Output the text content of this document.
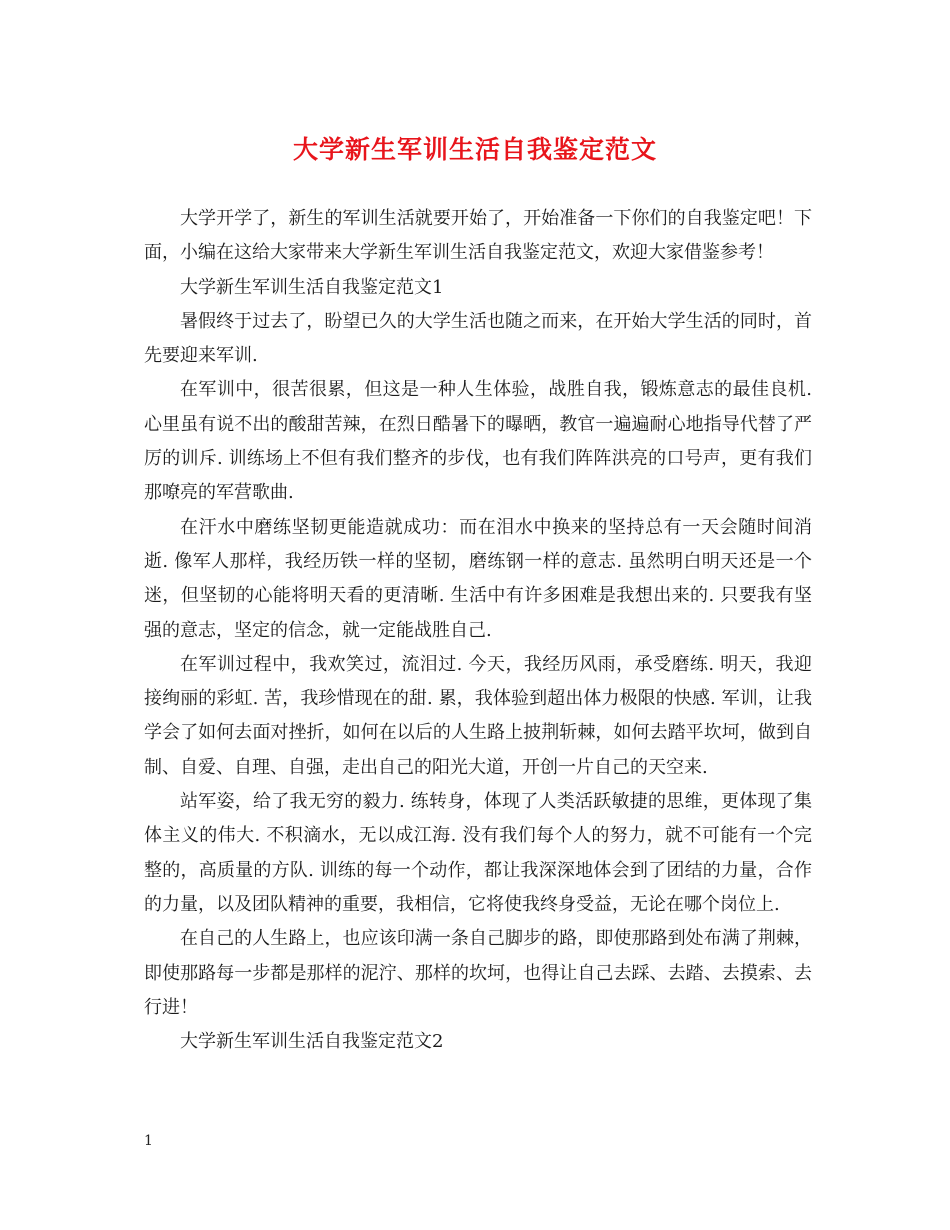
大学新生军训生活自我鉴定范文

大学开学了，新生的军训生活就要开始了，开始准备一下你们的自我鉴定吧！下面，小编在这给大家带来大学新生军训生活自我鉴定范文，欢迎大家借鉴参考！

大学新生军训生活自我鉴定范文1

暑假终于过去了，盼望已久的大学生活也随之而来，在开始大学生活的同时，首先要迎来军训.

在军训中，很苦很累，但这是一种人生体验，战胜自我，锻炼意志的最佳良机. 心里虽有说不出的酸甜苦辣，在烈日酷暑下的曝晒，教官一遍遍耐心地指导代替了严厉的训斥. 训练场上不但有我们整齐的步伐，也有我们阵阵洪亮的口号声，更有我们那嘹亮的军营歌曲.

在汗水中磨练坚韧更能造就成功：而在泪水中换来的坚持总有一天会随时间消逝. 像军人那样，我经历铁一样的坚韧，磨练钢一样的意志. 虽然明白明天还是一个迷，但坚韧的心能将明天看的更清晰. 生活中有许多困难是我想出来的. 只要我有坚强的意志，坚定的信念，就一定能战胜自己.

在军训过程中，我欢笑过，流泪过. 今天，我经历风雨，承受磨练. 明天，我迎接绚丽的彩虹. 苦，我珍惜现在的甜. 累，我体验到超出体力极限的快感. 军训，让我学会了如何去面对挫折，如何在以后的人生路上披荆斩棘，如何去踏平坎坷，做到自制、自爱、自理、自强，走出自己的阳光大道，开创一片自己的天空来.

站军姿，给了我无穷的毅力. 练转身，体现了人类活跃敏捷的思维，更体现了集体主义的伟大. 不积滴水，无以成江海. 没有我们每个人的努力，就不可能有一个完整的，高质量的方队. 训练的每一个动作，都让我深深地体会到了团结的力量，合作的力量，以及团队精神的重要，我相信，它将使我终身受益，无论在哪个岗位上.

在自己的人生路上，也应该印满一条自己脚步的路，即使那路到处布满了荆棘，即使那路每一步都是那样的泥泞、那样的坎坷，也得让自己去踩、去踏、去摸索、去行进！

大学新生军训生活自我鉴定范文2

1
